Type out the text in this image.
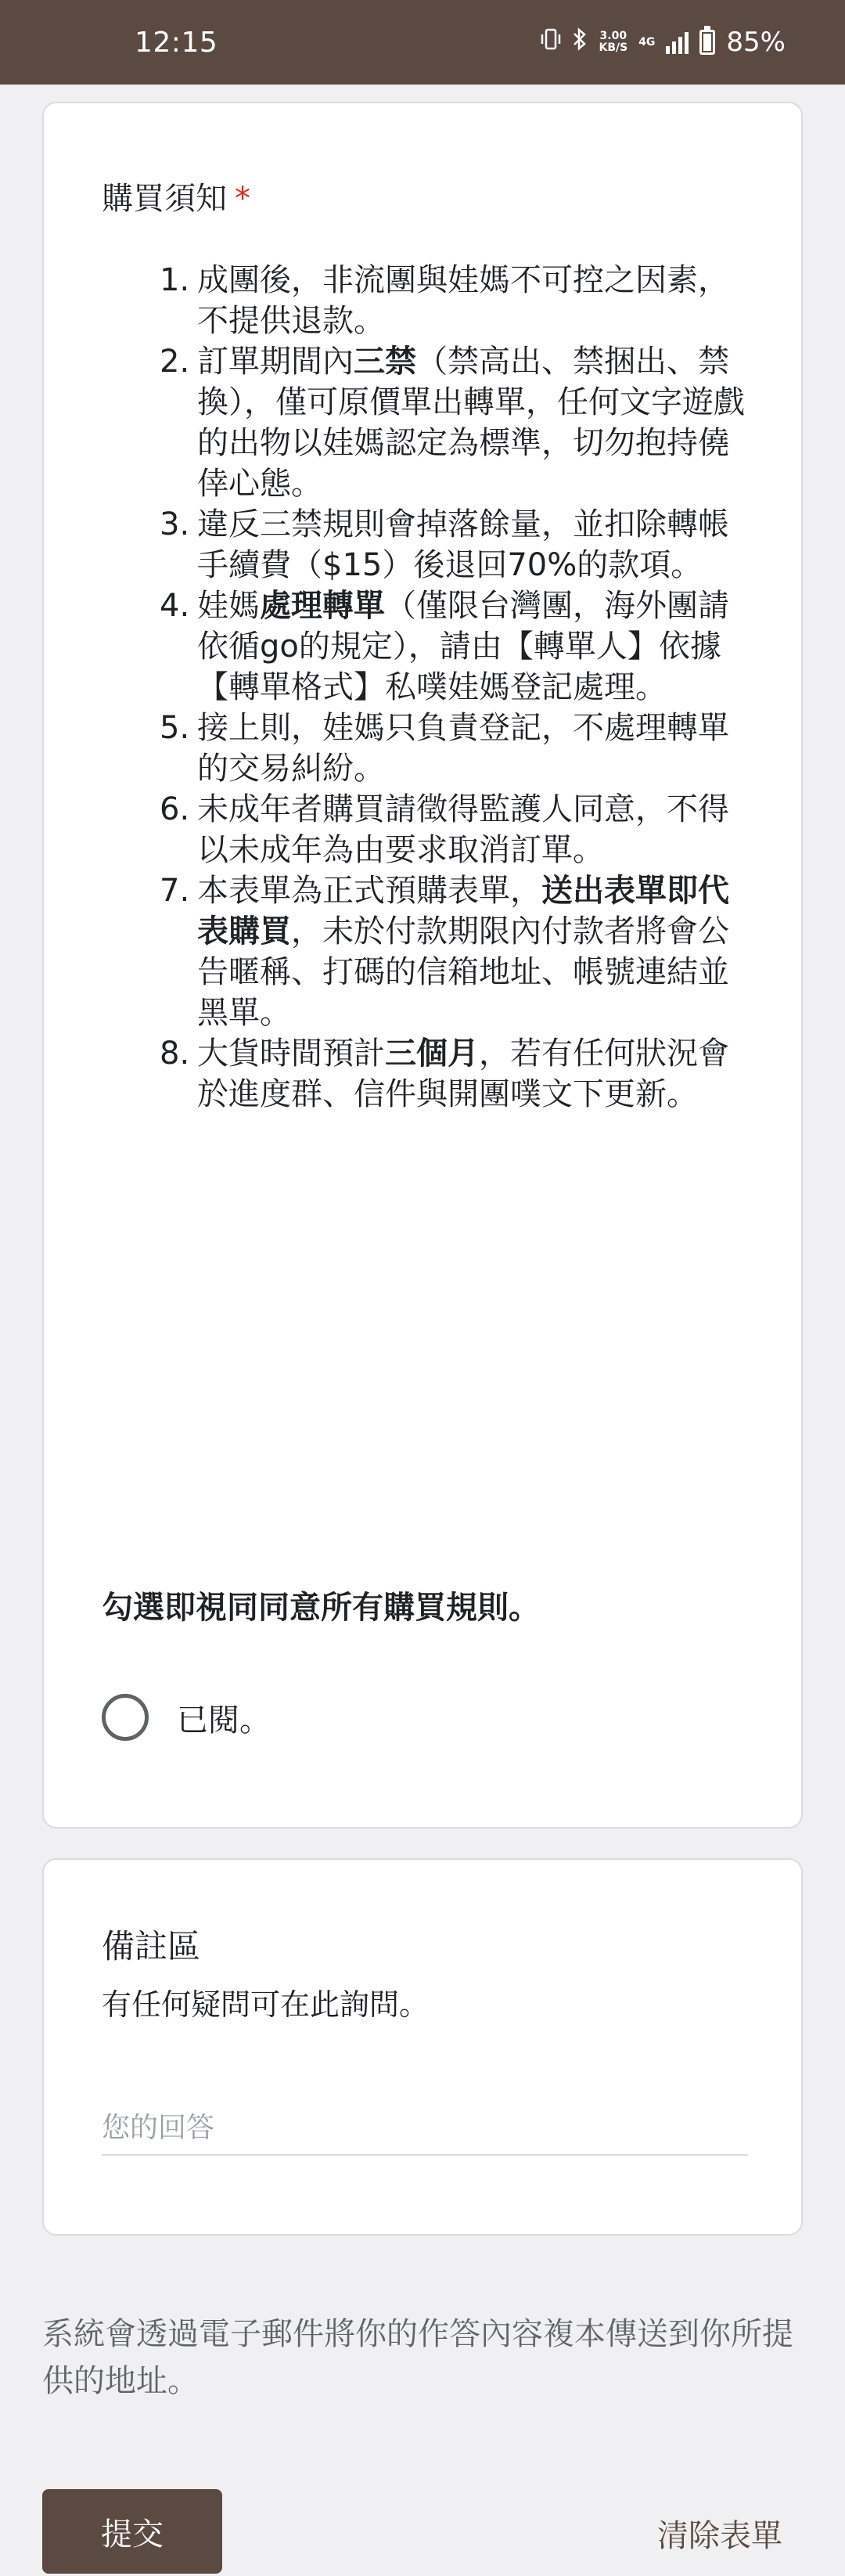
12:15	3.00
KB/S 4G	85%
購買須知 *
1. 成團後，非流團與娃媽不可控之因素，不提供退款。
2. 訂單期間內三禁（禁高出、禁捆出、禁換），僅可原價單出轉單，任何文字遊戲的出物以娃媽認定為標準，切勿抱持僥倖心態。
3. 違反三禁規則會掉落餘量，並扣除轉帳手續費（$15）後退回70%的款項。
4. 娃媽處理轉單（僅限台灣團，海外團請依循go的規定），請由【轉單人】依據【轉單格式】私噗娃媽登記處理。
5. 接上則，娃媽只負責登記，不處理轉單的交易糾紛。
6. 未成年者購買請徵得監護人同意，不得以未成年為由要求取消訂單。
7. 本表單為正式預購表單，送出表單即代表購買，未於付款期限內付款者將會公告暱稱、打碼的信箱地址、帳號連結並黑單。
8. 大貨時間預計三個月，若有任何狀況會於進度群、信件與開團噗文下更新。
勾選即視同同意所有購買規則。
已閱。
備註區
有任何疑問可在此詢問。
您的回答
系統會透過電子郵件將你的作答內容複本傳送到你所提供的地址。
提交	清除表單
